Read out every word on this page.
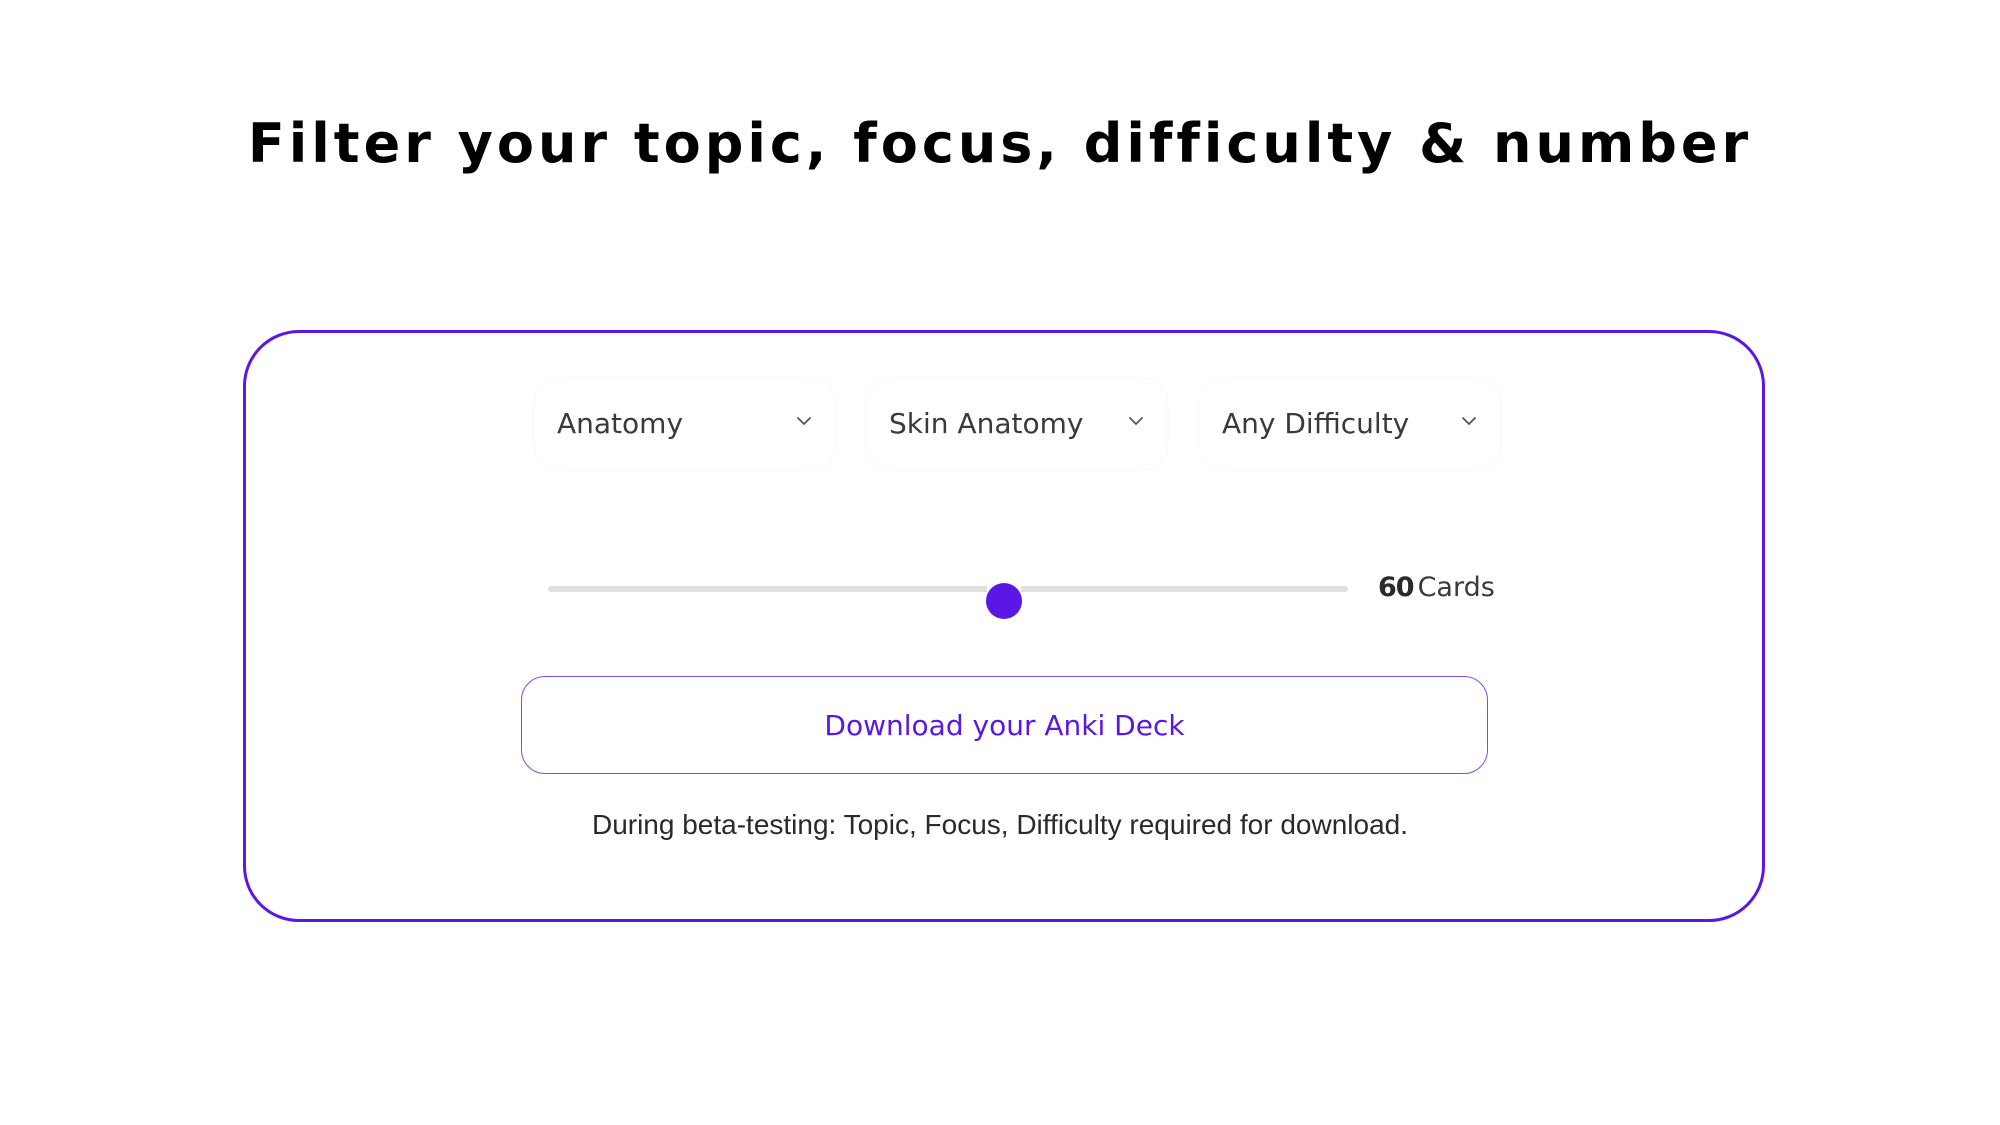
Filter your topic, focus, difficulty & number
Anatomy	Skin Anatomy	Any Difficulty
60 Cards
Download your Anki Deck
During beta-testing: Topic, Focus, Difficulty required for download.
